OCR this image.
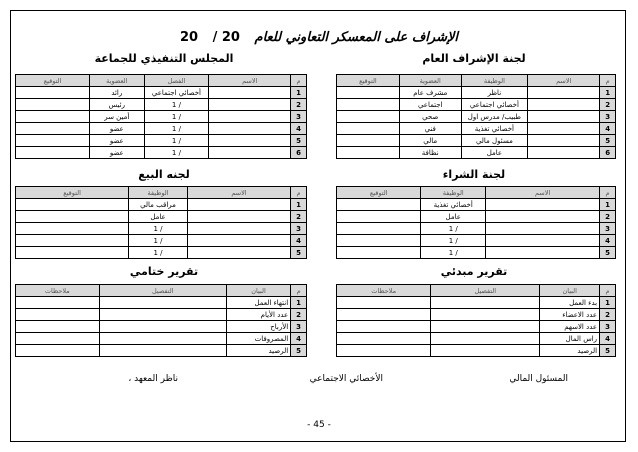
الإشراف على المعسكر التعاوني للعام 20 / 20
لجنة الإشراف العام
المجلس التنفيذي للجماعة
لجنة الشراء
لجنه البيع
تقرير مبدئي
تقرير ختامي
م	الاسم	الوظيفة	العضوية	التوقيع
1		ناظر	مشرف عام	
2		أخصائي اجتماعي	اجتماعي	
3		طبيب/ مدرس اول	صحي	
4		أخصائي تغذية	فني	
5		مسئول مالي	مالي	
6		عامل	نظافة	
م	الاسم	الفصل	العضوية	التوقيع
1		أخصائي اجتماعي	رائد	
2		/ 1	رئيس	
3		/ 1	أمين سر	
4		/ 1	عضو	
5		/ 1	عضو	
6		/ 1	عضو	
م	الاسم	الوظيفة	التوقيع
1		أخصائي تغذية	
2		عامل	
3		/ 1	
4		/ 1	
5		/ 1	
م	الاسم	الوظيفة	التوقيع
1		مراقب مالي	
2		عامل	
3		/ 1	
4		/ 1	
5		/ 1	
م	البيان	التفصيل	ملاحظات
1	بدء العمل		
2	عدد الاعضاء		
3	عدد الاسهم		
4	راس المال		
5	الرصيد		
م	البيان	التفصيل	ملاحظات
1	انتهاء العمل		
2	عدد الأيام		
3	الأرباح		
4	المصروفات		
5	الرصيد		
المسئول المالي
الأخصائي الاجتماعي
ناظر المعهد ،
- 45 -
